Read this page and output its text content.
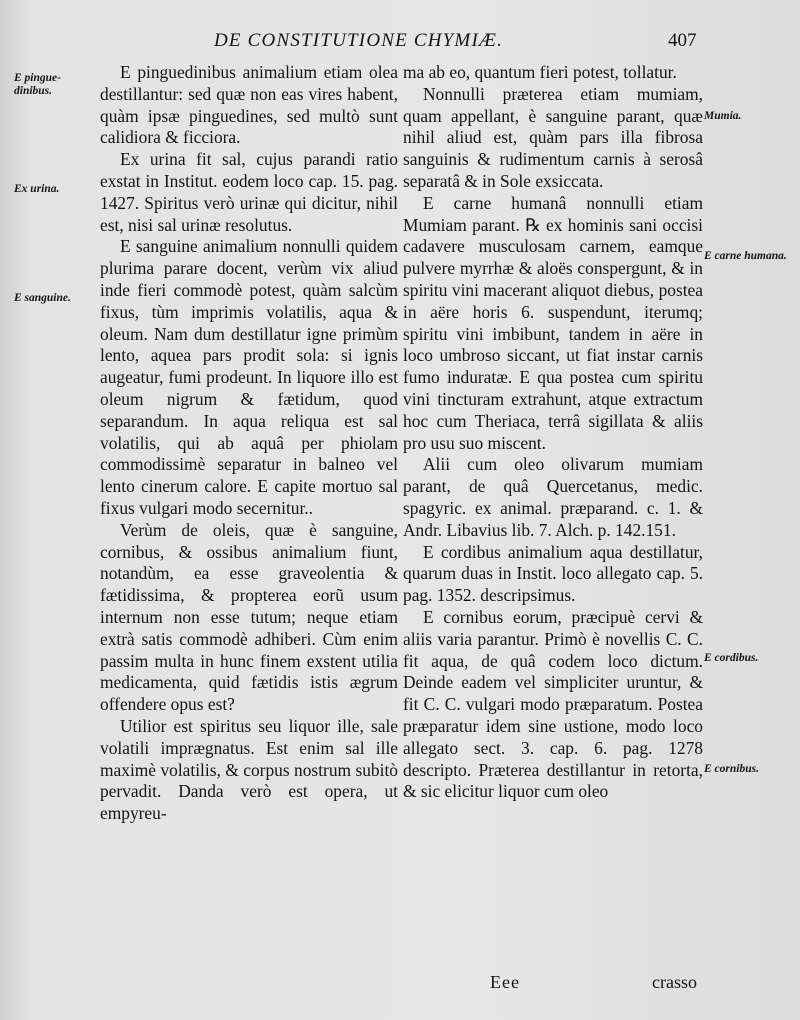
DE CONSTITUTIONE CHYMIÆ.	407
E pingue-dinibus.
Ex urina.
E sanguine.
Mumia.
E carne humana.
E cordibus.
E cornibus.

E pinguedinibus animalium etiam olea destillantur: sed quæ non eas vires habent, quàm ipsæ pinguedines, sed multò sunt calidiora & ficciora.

Ex urina fit sal, cujus parandi ratio exstat in Institut. eodem loco cap. 15. pag. 1427. Spiritus verò urinæ qui dicitur, nihil est, nisi sal urinæ resolutus.

E sanguine animalium nonnulli quidem plurima parare docent, verùm vix aliud inde fieri commodè potest, quàm salcùm fixus, tùm imprimis volatilis, aqua & oleum. Nam dum destillatur igne primùm lento, aquea pars prodit sola: si ignis augeatur, fumi prodeunt. In liquore illo est oleum nigrum & fætidum, quod separandum. In aqua reliqua est sal volatilis, qui ab aquâ per phiolam commodissimè separatur in balneo vel lento cinerum calore. E capite mortuo sal fixus vulgari modo secernitur..

Verùm de oleis, quæ è sanguine, cornibus, & ossibus animalium fiunt, notandùm, ea esse graveolentia & fætidissima, & propterea eorũ usum internum non esse tutum; neque etiam extrà satis commodè adhiberi. Cùm enim passim multa in hunc finem exstent utilia medicamenta, quid fætidis istis ægrum offendere opus est?

Utilior est spiritus seu liquor ille, sale volatili imprægnatus. Est enim sal ille maximè volatilis, & corpus nostrum subitò pervadit. Danda verò est opera, ut empyreu-

ma ab eo, quantum fieri potest, tollatur.

Nonnulli præterea etiam mumiam, quam appellant, è sanguine parant, quæ nihil aliud est, quàm pars illa fibrosa sanguinis & rudimentum carnis à serosâ separatâ & in Sole exsiccata.

E carne humanâ nonnulli etiam Mumiam parant. ℞ ex hominis sani occisi cadavere musculosam carnem, eamque pulvere myrrhæ & aloës conspergunt, & in spiritu vini macerant aliquot diebus, postea in aëre horis 6. suspendunt, iterumq; spiritu vini imbibunt, tandem in aëre in loco umbroso siccant, ut fiat instar carnis fumo induratæ. E qua postea cum spiritu vini tincturam extrahunt, atque extractum hoc cum Theriaca, terrâ sigillata & aliis pro usu suo miscent.

Alii cum oleo olivarum mumiam parant, de quâ Quercetanus, medic. spagyric. ex animal. præparand. c. 1. & Andr. Libavius lib. 7. Alch. p. 142.151.

E cordibus animalium aqua destillatur, quarum duas in Instit. loco allegato cap. 5. pag. 1352. descripsimus.

E cornibus eorum, præcipuè cervi & aliis varia parantur. Primò è novellis C. C. fit aqua, de quâ codem loco dictum. Deinde eadem vel simpliciter uruntur, & fit C. C. vulgari modo præparatum. Postea præparatur idem sine ustione, modo loco allegato sect. 3. cap. 6. pag. 1278 descripto. Præterea destillantur in retorta, & sic elicitur liquor cum oleo

Eee	crasso
